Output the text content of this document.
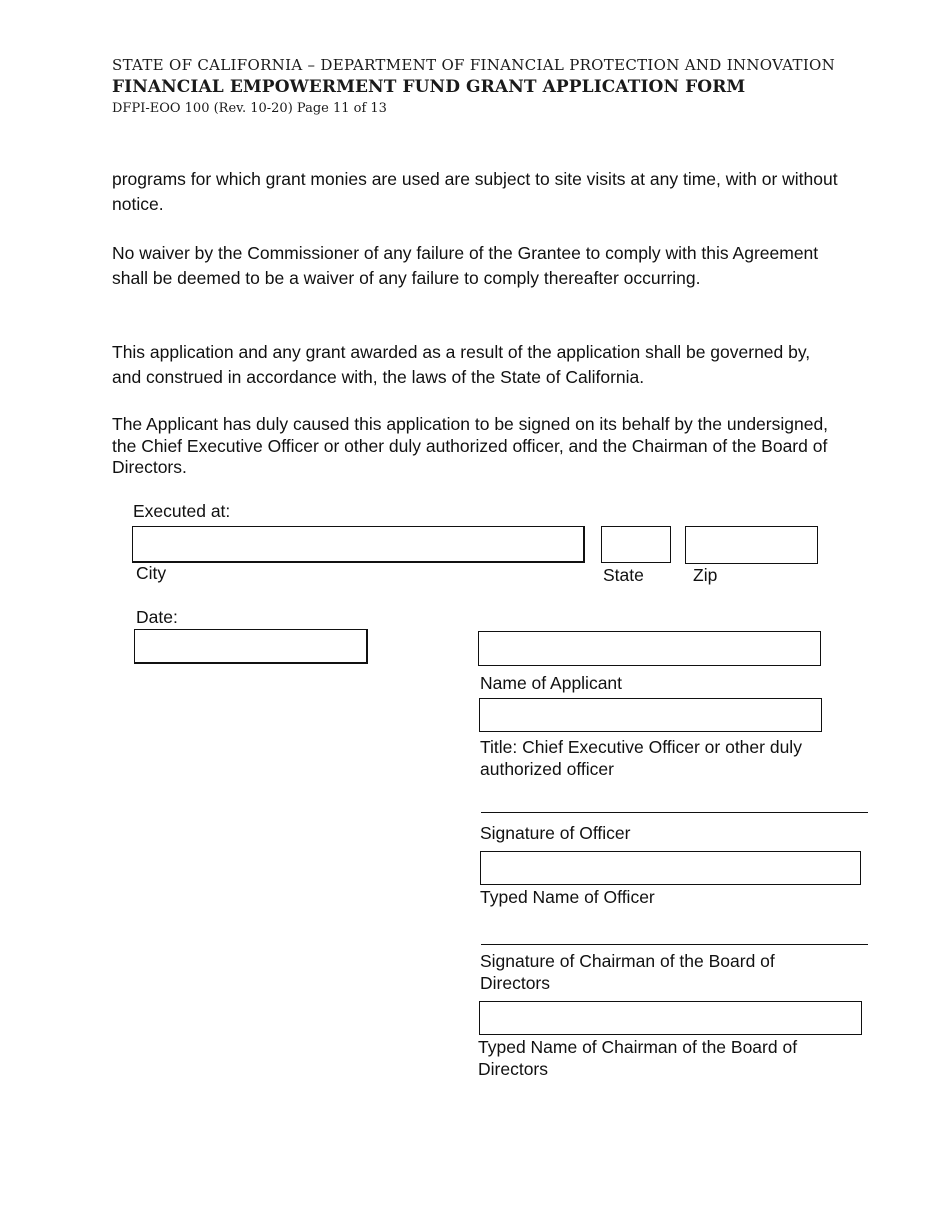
STATE OF CALIFORNIA – DEPARTMENT OF FINANCIAL PROTECTION AND INNOVATION
FINANCIAL EMPOWERMENT FUND GRANT APPLICATION FORM
DFPI-EOO 100 (Rev. 10-20) Page 11 of 13

programs for which grant monies are used are subject to site visits at any time, with or without notice.

No waiver by the Commissioner of any failure of the Grantee to comply with this Agreement shall be deemed to be a waiver of any failure to comply thereafter occurring.

This application and any grant awarded as a result of the application shall be governed by, and construed in accordance with, the laws of the State of California.

The Applicant has duly caused this application to be signed on its behalf by the undersigned, the Chief Executive Officer or other duly authorized officer, and the Chairman of the Board of Directors.

Executed at:
City	State	Zip
Date:
Name of Applicant
Title: Chief Executive Officer or other duly authorized officer
Signature of Officer
Typed Name of Officer
Signature of Chairman of the Board of Directors
Typed Name of Chairman of the Board of Directors
